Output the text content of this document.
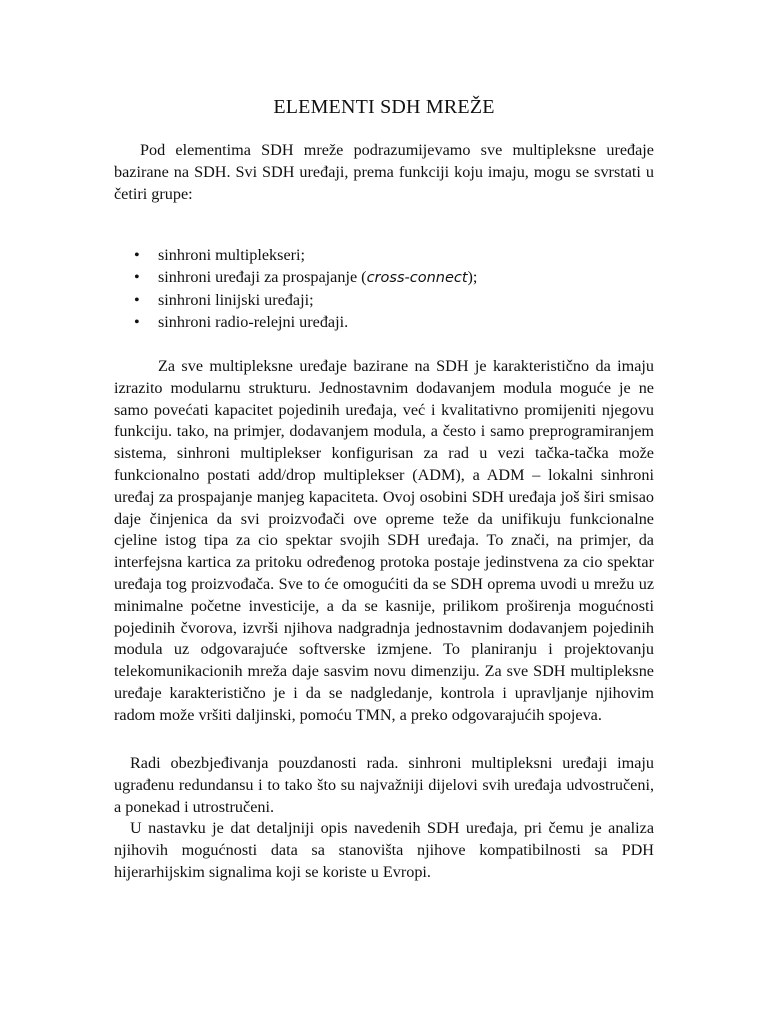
ELEMENTI SDH MREŽE

Pod elementima SDH mreže podrazumijevamo sve multipleksne uređaje bazirane na SDH. Svi SDH uređaji, prema funkciji koju imaju, mogu se svrstati u četiri grupe:

• sinhroni multiplekseri;
• sinhroni uređaji za prospajanje (cross-connect);
• sinhroni linijski uređaji;
• sinhroni radio-relejni uređaji.

Za sve multipleksne uređaje bazirane na SDH je karakteristično da imaju izrazito modularnu strukturu. Jednostavnim dodavanjem modula moguće je ne samo povećati kapacitet pojedinih uređaja, već i kvalitativno promijeniti njegovu funkciju. tako, na primjer, dodavanjem modula, a često i samo preprogramiranjem sistema, sinhroni multiplekser konfigurisan za rad u vezi tačka-tačka može funkcionalno postati add/drop multiplekser (ADM), a ADM – lokalni sinhroni uređaj za prospajanje manjeg kapaciteta. Ovoj osobini SDH uređaja još širi smisao daje činjenica da svi proizvođači ove opreme teže da unifikuju funkcionalne cjeline istog tipa za cio spektar svojih SDH uređaja. To znači, na primjer, da interfejsna kartica za pritoku određenog protoka postaje jedinstvena za cio spektar uređaja tog proizvođača. Sve to će omogućiti da se SDH oprema uvodi u mrežu uz minimalne početne investicije, a da se kasnije, prilikom proširenja mogućnosti pojedinih čvorova, izvrši njihova nadgradnja jednostavnim dodavanjem pojedinih modula uz odgovarajuće softverske izmjene. To planiranju i projektovanju telekomunikacionih mreža daje sasvim novu dimenziju. Za sve SDH multipleksne uređaje karakteristično je i da se nadgledanje, kontrola i upravljanje njihovim radom može vršiti daljinski, pomoću TMN, a preko odgovarajućih spojeva.

Radi obezbjeđivanja pouzdanosti rada. sinhroni multipleksni uređaji imaju ugrađenu redundansu i to tako što su najvažniji dijelovi svih uređaja udvostručeni, a ponekad i utrostručeni.

U nastavku je dat detaljniji opis navedenih SDH uređaja, pri čemu je analiza njihovih mogućnosti data sa stanovišta njihove kompatibilnosti sa PDH hijerarhijskim signalima koji se koriste u Evropi.
